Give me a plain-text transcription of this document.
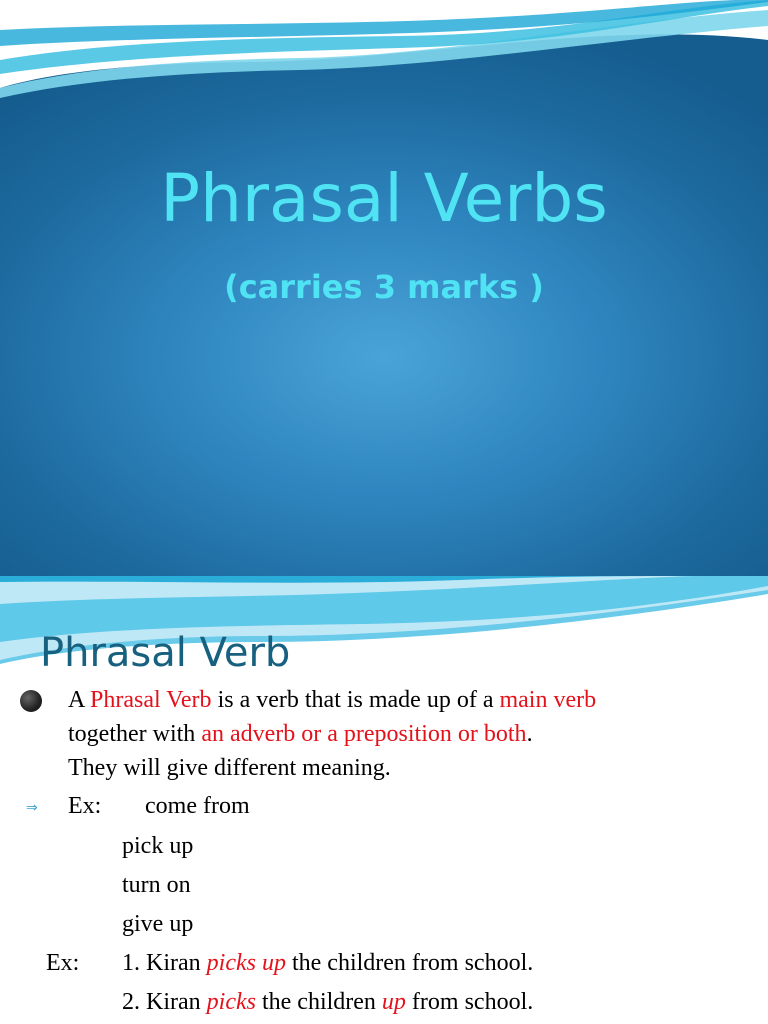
Phrasal Verbs
(carries 3 marks )
Phrasal Verb
A Phrasal Verb is a verb that is made up of a main verb
together with an adverb or a preposition or both.
They will give different meaning.
⇒ Ex: come from
pick up
turn on
give up
Ex: 1. Kiran picks up the children from school.
2. Kiran picks the children up from school.
